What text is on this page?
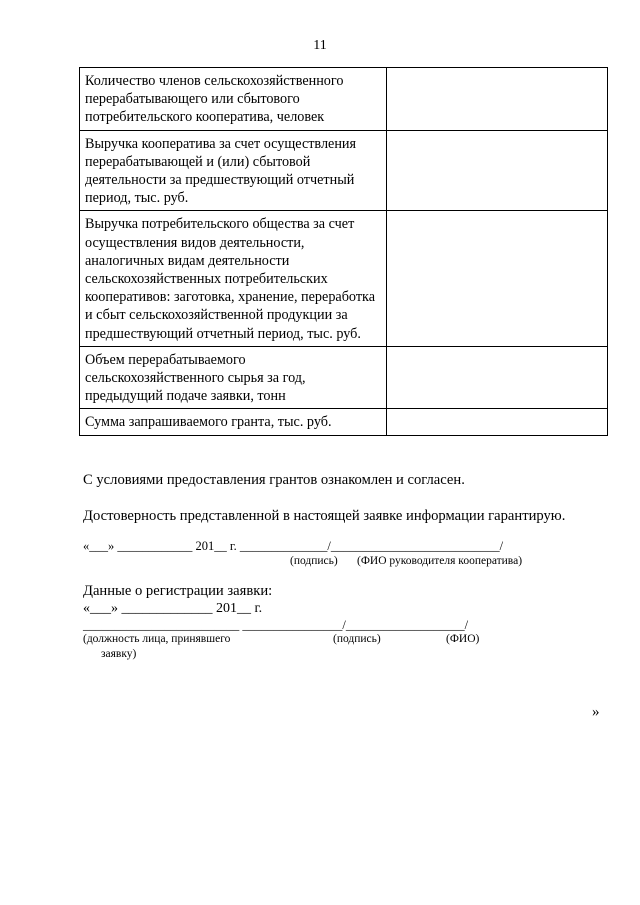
11
Количество членов сельскохозяйственного перерабатывающего или сбытового потребительского кооператива, человек	
Выручка кооператива за счет осуществления перерабатывающей и (или) сбытовой деятельности за предшествующий отчетный период, тыс. руб.	
Выручка потребительского общества за счет осуществления видов деятельности, аналогичных видам деятельности сельскохозяйственных потребительских кооперативов: заготовка, хранение, переработка и сбыт сельскохозяйственной продукции за предшествующий отчетный период, тыс. руб.	
Объем перерабатываемого сельскохозяйственного сырья за год, предыдущий подаче заявки, тонн	
Сумма запрашиваемого гранта, тыс. руб.	
С условиями предоставления грантов ознакомлен и согласен.
Достоверность представленной в настоящей заявке информации гарантирую.
«___» ____________ 201__ г. ______________/___________________________/
(подпись) (ФИО руководителя кооператива)
Данные о регистрации заявки:
«___» _____________ 201__ г.
_________________________ ________________/___________________/
(должность лица, принявшего
заявку)
(подпись)	(ФИО)
»
